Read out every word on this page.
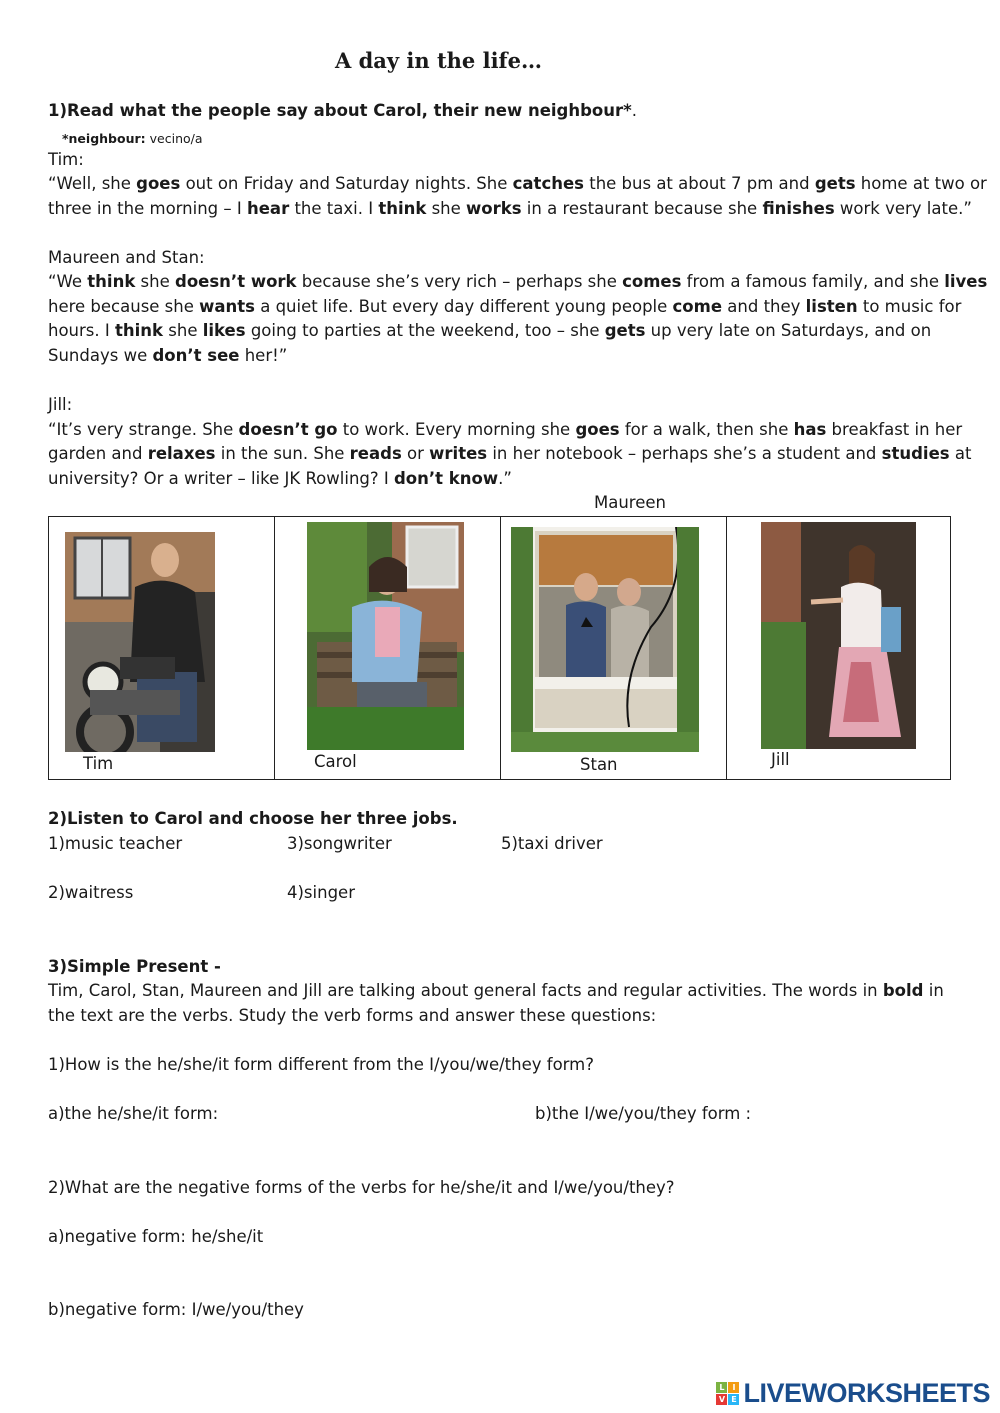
A day in the life…
1)Read what the people say about Carol, their new neighbour*.
*neighbour: vecino/a
Tim:
“Well, she goes out on Friday and Saturday nights. She catches the bus at about 7 pm and gets home at two or
three in the morning – I hear the taxi. I think she works in a restaurant because she finishes work very late.”
Maureen and Stan:
“We think she doesn’t work because she’s very rich – perhaps she comes from a famous family, and she lives
here because she wants a quiet life. But every day different young people come and they listen to music for
hours. I think she likes going to parties at the weekend, too – she gets up very late on Saturdays, and on
Sundays we don’t see her!”
Jill:
“It’s very strange. She doesn’t go to work. Every morning she goes for a walk, then she has breakfast in her
garden and relaxes in the sun. She reads or writes in her notebook – perhaps she’s a student and studies at
university? Or a writer – like JK Rowling? I don’t know.”
Maureen
Tim	Carol	Stan	Jill
2)Listen to Carol and choose her three jobs.
1)music teacher	3)songwriter	5)taxi driver
2)waitress	4)singer
3)Simple Present -
Tim, Carol, Stan, Maureen and Jill are talking about general facts and regular activities. The words in bold in
the text are the verbs. Study the verb forms and answer these questions:
1)How is the he/she/it form different from the I/you/we/they form?
a)the he/she/it form:	b)the I/we/you/they form :
2)What are the negative forms of the verbs for he/she/it and I/we/you/they?
a)negative form: he/she/it
b)negative form: I/we/you/they
L I
V E LIVEWORKSHEETS
